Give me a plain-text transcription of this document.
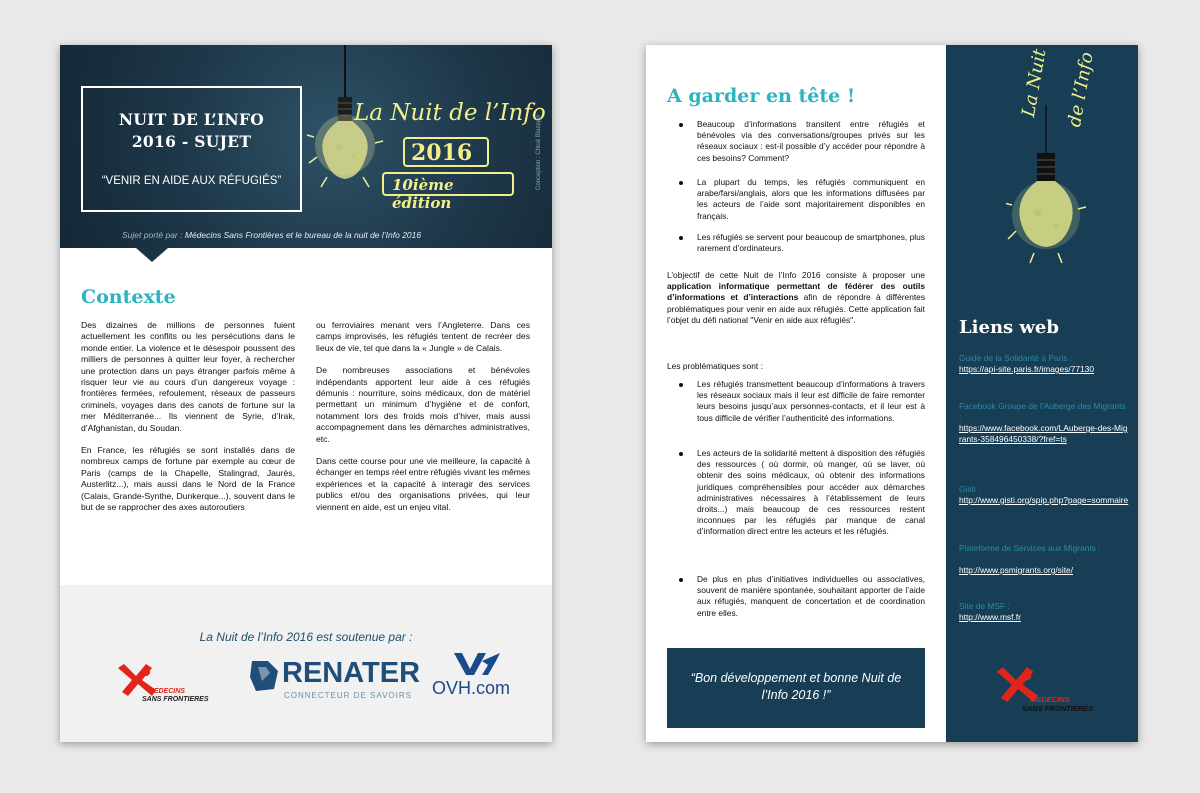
NUIT DE L’INFO
2016 - SUJET
“VENIR EN AIDE AUX RÉFUGIÉS”
La Nuit de l’Info
2016
10ième édition
Sujet porté par : Médecins Sans Frontières et le bureau de la nuit de l’Info 2016
Conception : Chloé Blazejak
Contexte

Des dizaines de millions de personnes fuient actuellement les conflits ou les persécutions dans le monde entier. La violence et le désespoir poussent des milliers de personnes à quitter leur foyer, à rechercher une protection dans un pays étranger parfois même à risquer leur vie au cours d’un dangereux voyage : frontières fermées, refoulement, réseaux de passeurs criminels, voyages dans des canots de fortune sur la mer Méditerranée... Ils viennent de Syrie, d’Irak, d’Afghanistan, du Soudan.

En France, les réfugiés se sont installés dans de nombreux camps de fortune par exemple au cœur de Paris (camps de la Chapelle, Stalingrad, Jaurès, Austerlitz...), mais aussi dans le Nord de la France (Calais, Grande-Synthe, Dunkerque...), souvent dans le but de se rapprocher des axes autoroutiers

ou ferroviaires menant vers l’Angleterre. Dans ces camps improvisés, les réfugiés tentent de recréer des lieux de vie, tel que dans la « Jungle » de Calais.

De nombreuses associations et bénévoles indépendants apportent leur aide à ces réfugiés démunis : nourriture, soins médicaux, don de matériel permettant un minimum d’hygiène et de confort, notamment lors des froids mois d’hiver, mais aussi accompagnement dans les démarches administratives, etc.

Dans cette course pour une vie meilleure, la capacité à échanger en temps réel entre réfugiés vivant les mêmes expériences et la capacité à interagir des services publics et/ou des organisations privées, qui leur viennent en aide, est un enjeu vital.

La Nuit de l’Info 2016 est soutenue par :
MEDECINS
SANS FRONTIERES
RENATER
CONNECTEUR DE SAVOIRS OVH.com
A garder en tête !
Beaucoup d’informations transitent entre réfugiés et bénévoles via des conversations/groupes privés sur les réseaux sociaux : est-il possible d’y accéder pour répondre à ces besoins? Comment?
La plupart du temps, les réfugiés communiquent en arabe/farsi/anglais, alors que les informations diffusées par les acteurs de l’aide sont majoritairement disponibles en français.
Les réfugiés se servent pour beaucoup de smartphones, plus rarement d’ordinateurs.
L’objectif de cette Nuit de l’Info 2016 consiste à proposer une application informatique permettant de fédérer des outils d’informations et d’interactions afin de répondre à différentes problématiques pour venir en aide aux réfugiés. Cette application fait l’objet du défi national "Venir en aide aux réfugiés".
Les problématiques sont :
Les réfugiés transmettent beaucoup d’informations à travers les réseaux sociaux mais il leur est difficile de faire remonter leurs besoins jusqu’aux personnes-contacts, et il leur est à tous difficile de vérifier l’authenticité des informations.
Les acteurs de la solidarité mettent à disposition des réfugiés des ressources ( où dormir, où manger, où se laver, où obtenir des soins médicaux, où obtenir des informations juridiques compréhensibles pour accéder aux démarches administratives nécessaires à l’établissement de leurs droits...) mais beaucoup de ces ressources restent inconnues par les réfugiés par manque de canal d’information direct entre les acteurs et les réfugiés.
De plus en plus d’initiatives individuelles ou associatives, souvent de manière spontanée, souhaitant apporter de l’aide aux réfugiés, manquent de concertation et de coordination entre elles.
“Bon développement et bonne Nuit de l’Info 2016 !”
La Nuit de l’Info
Liens web
Guide de la Solidarité à Paris :
https://api-site.paris.fr/images/77130
Facebook Groupe de l’Auberge des Migrants :
https://www.facebook.com/LAuberge-des-Migrants-358496450338/?fref=ts
Gisti :
http://www.gisti.org/spip.php?page=sommaire
Plateforme de Services aux Migrants :
http://www.psmigrants.org/site/
Site de MSF :
http://www.msf.fr
MEDECINS
SANS FRONTIERES
